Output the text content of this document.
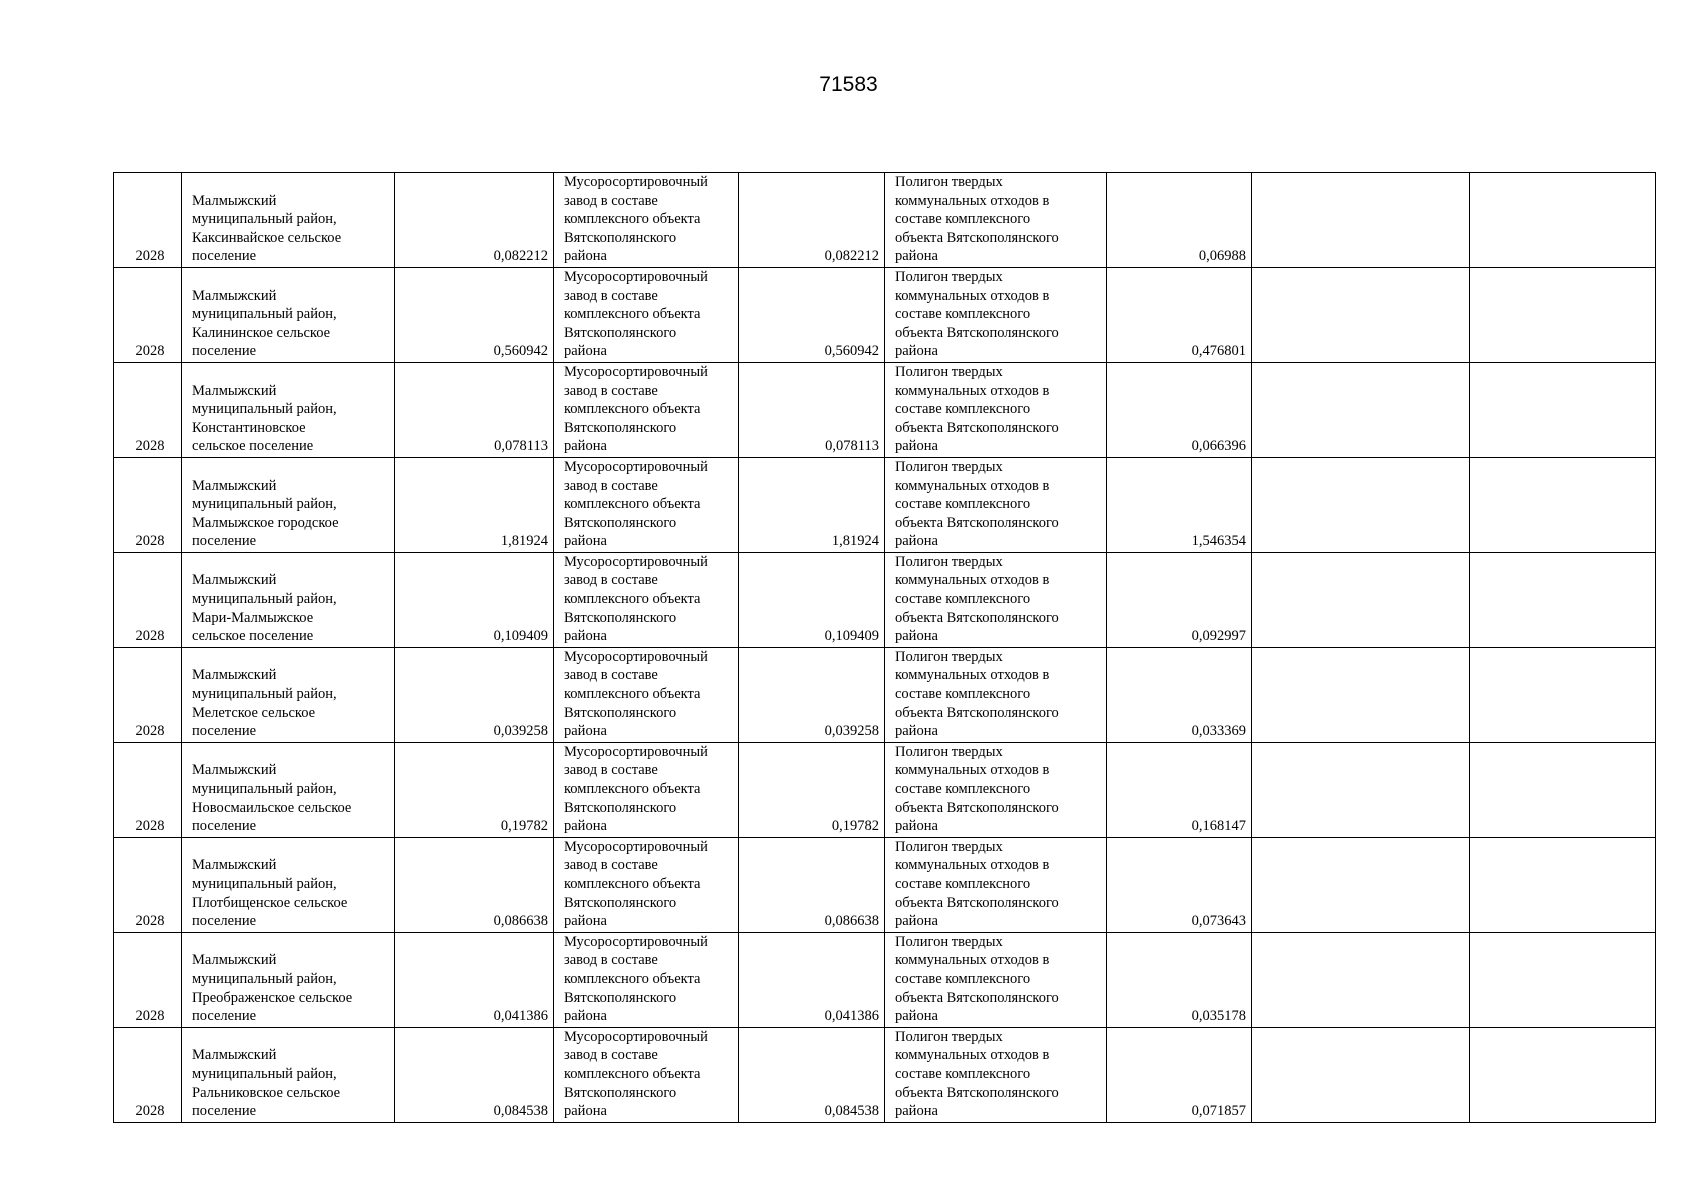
71583
2028	Малмыжский
муниципальный район,
Каксинвайское сельское
поселение	0,082212	Мусоросортировочный
завод в составе
комплексного объекта
Вятскополянского
района	0,082212	Полигон твердых
коммунальных отходов в
составе комплексного
объекта Вятскополянского
района	0,06988		
2028	Малмыжский
муниципальный район,
Калининское сельское
поселение	0,560942	Мусоросортировочный
завод в составе
комплексного объекта
Вятскополянского
района	0,560942	Полигон твердых
коммунальных отходов в
составе комплексного
объекта Вятскополянского
района	0,476801		
2028	Малмыжский
муниципальный район,
Константиновское
сельское поселение	0,078113	Мусоросортировочный
завод в составе
комплексного объекта
Вятскополянского
района	0,078113	Полигон твердых
коммунальных отходов в
составе комплексного
объекта Вятскополянского
района	0,066396		
2028	Малмыжский
муниципальный район,
Малмыжское городское
поселение	1,81924	Мусоросортировочный
завод в составе
комплексного объекта
Вятскополянского
района	1,81924	Полигон твердых
коммунальных отходов в
составе комплексного
объекта Вятскополянского
района	1,546354		
2028	Малмыжский
муниципальный район,
Мари-Малмыжское
сельское поселение	0,109409	Мусоросортировочный
завод в составе
комплексного объекта
Вятскополянского
района	0,109409	Полигон твердых
коммунальных отходов в
составе комплексного
объекта Вятскополянского
района	0,092997		
2028	Малмыжский
муниципальный район,
Мелетское сельское
поселение	0,039258	Мусоросортировочный
завод в составе
комплексного объекта
Вятскополянского
района	0,039258	Полигон твердых
коммунальных отходов в
составе комплексного
объекта Вятскополянского
района	0,033369		
2028	Малмыжский
муниципальный район,
Новосмаильское сельское
поселение	0,19782	Мусоросортировочный
завод в составе
комплексного объекта
Вятскополянского
района	0,19782	Полигон твердых
коммунальных отходов в
составе комплексного
объекта Вятскополянского
района	0,168147		
2028	Малмыжский
муниципальный район,
Плотбищенское сельское
поселение	0,086638	Мусоросортировочный
завод в составе
комплексного объекта
Вятскополянского
района	0,086638	Полигон твердых
коммунальных отходов в
составе комплексного
объекта Вятскополянского
района	0,073643		
2028	Малмыжский
муниципальный район,
Преображенское сельское
поселение	0,041386	Мусоросортировочный
завод в составе
комплексного объекта
Вятскополянского
района	0,041386	Полигон твердых
коммунальных отходов в
составе комплексного
объекта Вятскополянского
района	0,035178		
2028	Малмыжский
муниципальный район,
Ральниковское сельское
поселение	0,084538	Мусоросортировочный
завод в составе
комплексного объекта
Вятскополянского
района	0,084538	Полигон твердых
коммунальных отходов в
составе комплексного
объекта Вятскополянского
района	0,071857		
